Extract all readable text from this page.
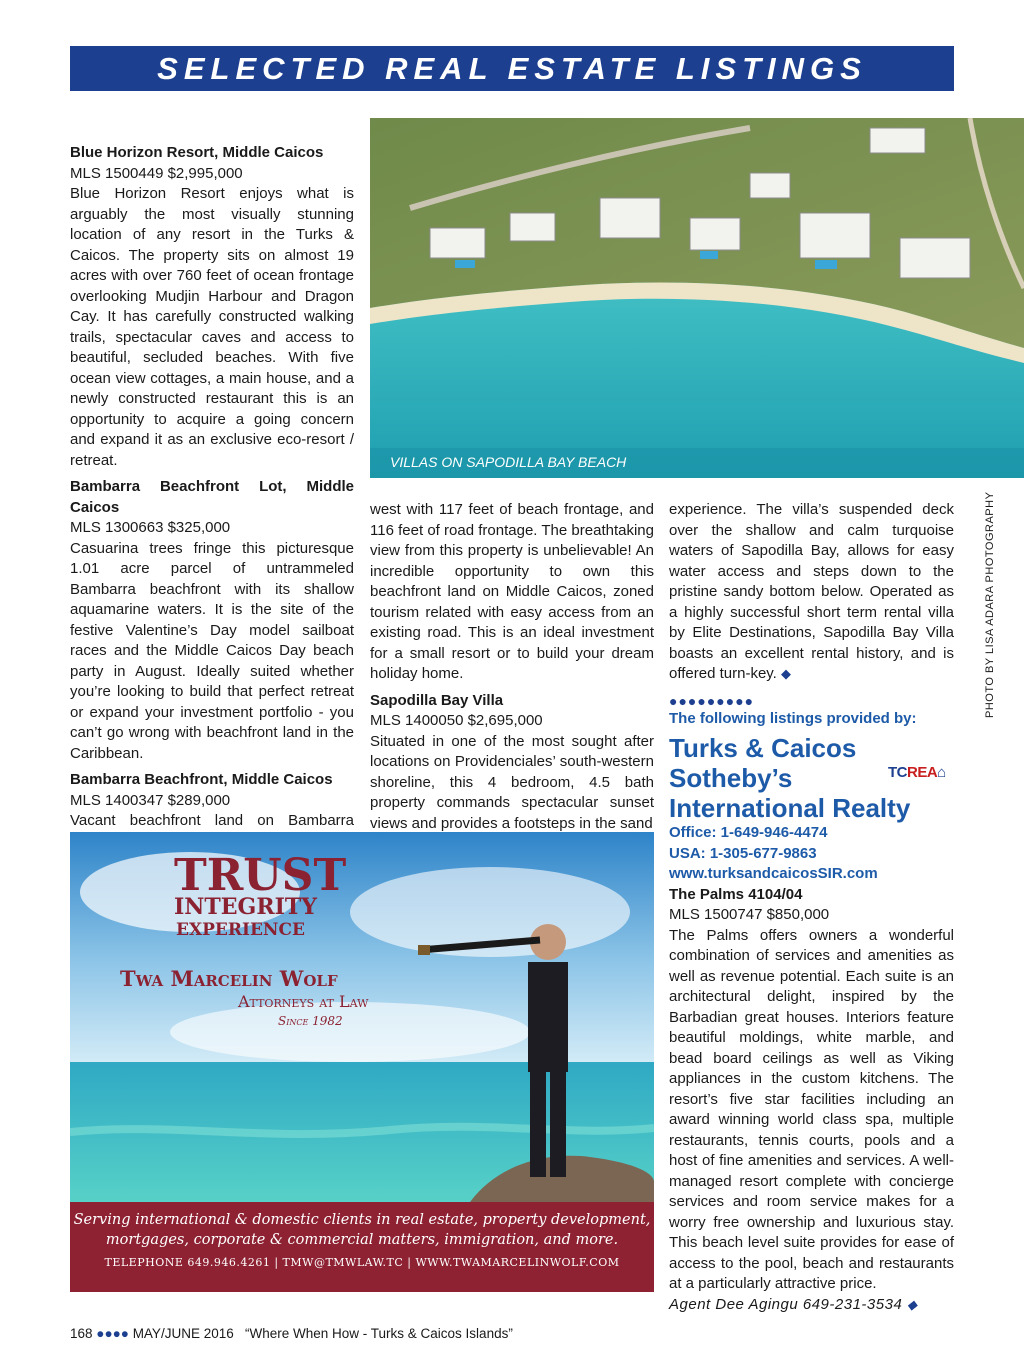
SELECTED REAL ESTATE LISTINGS

Blue Horizon Resort, Middle Caicos

MLS 1500449 $2,995,000

Blue Horizon Resort enjoys what is arguably the most visually stunning location of any resort in the Turks & Caicos. The property sits on almost 19 acres with over 760 feet of ocean frontage overlooking Mudjin Harbour and Dragon Cay. It has carefully constructed walking trails, spectacular caves and access to beautiful, secluded beaches. With five ocean view cottages, a main house, and a newly constructed restaurant this is an opportunity to acquire a going concern and expand it as an exclusive eco-resort / retreat.

Bambarra Beachfront Lot, Middle Caicos

MLS 1300663 $325,000

Casuarina trees fringe this picturesque 1.01 acre parcel of untrammeled Bambarra beachfront with its shallow aquamarine waters. It is the site of the festive Valentine’s Day model sailboat races and the Middle Caicos Day beach party in August. Ideally suited whether you’re looking to build that perfect retreat or expand your investment portfolio - you can’t go wrong with beachfront land in the Caribbean.

Bambarra Beachfront, Middle Caicos

MLS 1400347 $289,000

Vacant beachfront land on Bambarra

VILLAS ON SAPODILLA BAY BEACH
PHOTO BY LISA ADARA PHOTOGRAPHY

west with 117 feet of beach frontage, and 116 feet of road frontage. The breathtaking view from this property is unbelievable! An incredible opportunity to own this beachfront land on Middle Caicos, zoned tourism related with easy access from an existing road. This is an ideal investment for a small resort or to build your dream holiday home.

Sapodilla Bay Villa

MLS 1400050 $2,695,000

Situated in one of the most sought after locations on Providenciales’ south-western shoreline, this 4 bedroom, 4.5 bath property commands spectacular sunset views and provides a footsteps in the sand

experience. The villa’s suspended deck over the shallow and calm turquoise waters of Sapodilla Bay, allows for easy water access and steps down to the pristine sandy bottom below. Operated as a highly successful short term rental villa by Elite Destinations, Sapodilla Bay Villa boasts an excellent rental history, and is offered turn-key. ◆

●●●●●●●●●

The following listings provided by:

Turks & Caicos

Sotheby’s

International Realty

Office: 1-649-946-4474

USA: 1-305-677-9863

www.turksandcaicosSIR.com

The Palms 4104/04

MLS 1500747 $850,000

The Palms offers owners a wonderful combination of services and amenities as well as revenue potential. Each suite is an architectural delight, inspired by the Barbadian great houses. Interiors feature beautiful moldings, white marble, and bead board ceilings as well as Viking appliances in the custom kitchens. The resort’s five star facilities including an award winning world class spa, multiple restaurants, tennis courts, pools and a host of fine amenities and services. A well-managed resort complete with concierge services and room service makes for a worry free ownership and luxurious stay. This beach level suite provides for ease of access to the pool, beach and restaurants at a particularly attractive price.

Agent Dee Agingu 649-231-3534 ◆

TCREA⌂
TRUST
INTEGRITY
EXPERIENCE
Twa Marcelin Wolf
Attorneys at Law
Since 1982
Serving international & domestic clients in real estate, property development,
mortgages, corporate & commercial matters, immigration, and more.
TELEPHONE 649.946.4261 | TMW@TMWLAW.TC | WWW.TWAMARCELINWOLF.COM
168 ●●●● MAY/JUNE 2016 “Where When How - Turks & Caicos Islands”
